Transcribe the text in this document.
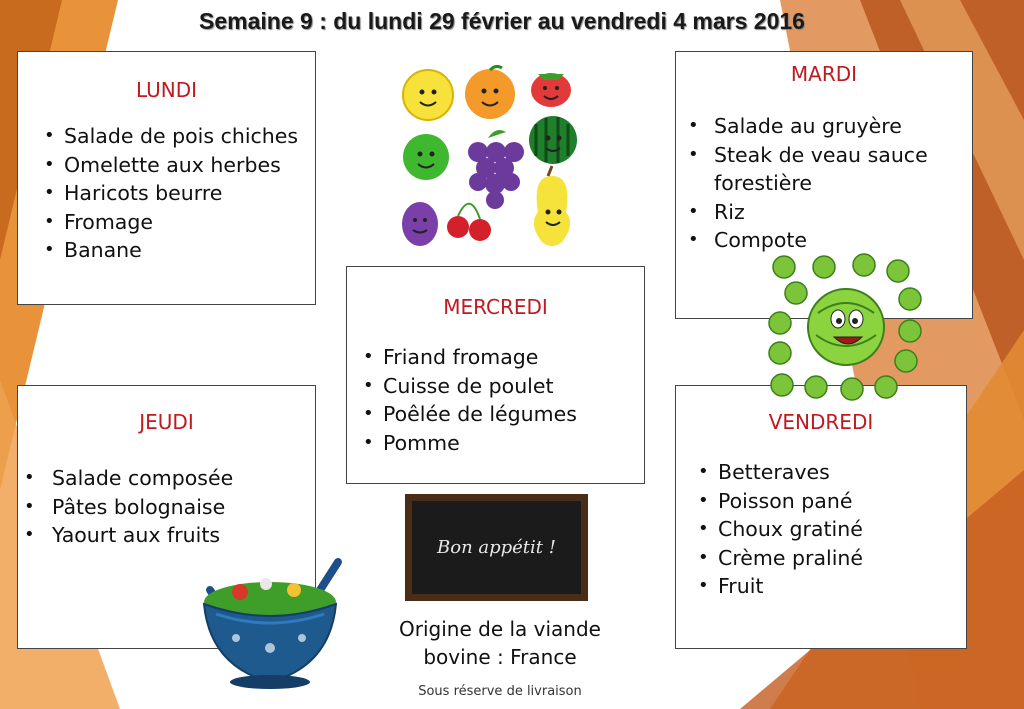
Semaine 9 : du lundi 29 février au vendredi 4 mars 2016
LUNDI
• Salade de pois chiches
• Omelette aux herbes
• Haricots beurre
• Fromage
• Banane
MARDI
• Salade au gruyère
• Steak de veau sauce
forestière
• Riz
• Compote
MERCREDI
• Friand fromage
• Cuisse de poulet
• Poêlée de légumes
• Pomme
JEUDI
• Salade composée
• Pâtes bolognaise
• Yaourt aux fruits
VENDREDI
• Betteraves
• Poisson pané
• Choux gratiné
• Crème praliné
• Fruit
Bon appétit !
Origine de la viande
bovine : France
Sous réserve de livraison
